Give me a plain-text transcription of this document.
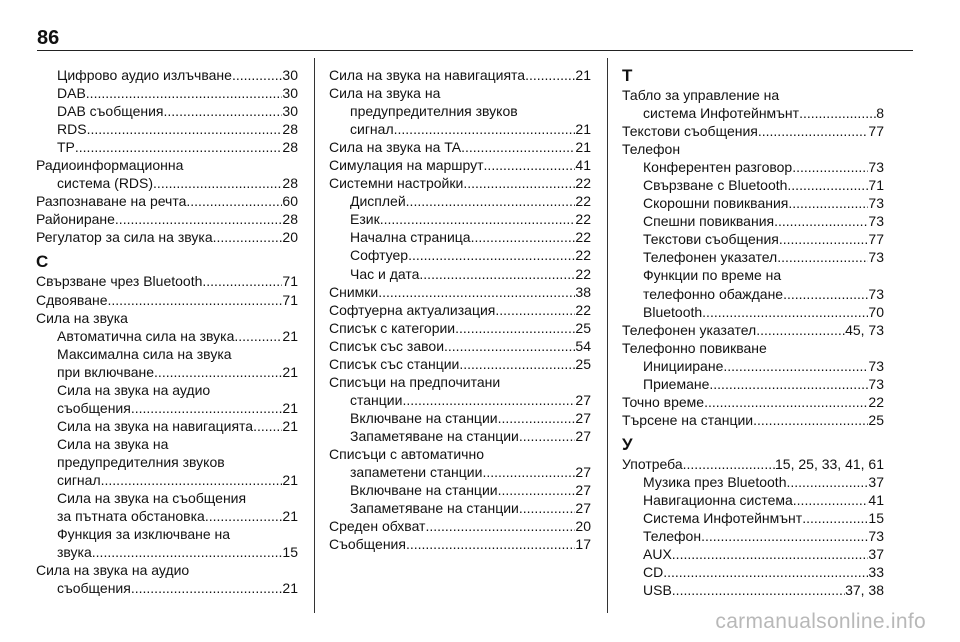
86
Цифрово аудио излъчване .....	30
DAB .....	30
DAB съобщения .....	30
RDS .....	28
TP .....	28
Радиоинформационна
система (RDS) .....	28
Разпознаване на речта .....	60
Райониране .....	28
Регулатор за сила на звука .....	20
С
Свързване чрез Bluetooth .....	71
Сдвояване .....	71
Сила на звука
Автоматична сила на звука .....	21
Максимална сила на звука
при включване .....	21
Сила на звука на аудио
съобщения .....	21
Сила на звука на навигацията ..... 21
Сила на звука на
предупредителния звуков
сигнал .....	21
Сила на звука на съобщения
за пътната обстановка .....	21
Функция за изключване на
звука .....	15
Сила на звука на аудио
съобщения .....	21
Сила на звука на навигацията .....	21
Сила на звука на
предупредителния звуков
сигнал .....	21
Сила на звука на TA .....	21
Симулация на маршрут .....	41
Системни настройки .....	22
Дисплей .....	22
Език .....	22
Начална страница .....	22
Софтуер .....	22
Час и дата .....	22
Снимки .....	38
Софтуерна актуализация .....	22
Списък с категории .....	25
Списък със завои .....	54
Списък със станции .....	25
Списъци на предпочитани
станции .....	27
Включване на станции .....	27
Запаметяване на станции .....	27
Списъци с автоматично
запаметени станции .....	27
Включване на станции .....	27
Запаметяване на станции .....	27
Среден обхват .....	20
Съобщения .....	17
Т
Табло за управление на
система Инфотейнмънт .....	8
Текстови съобщения .....	77
Телефон
Конферентен разговор .....	73
Свързване с Bluetooth .....	71
Скорошни повиквания .....	73
Спешни повиквания .....	73
Текстови съобщения .....	77
Телефонен указател .....	73
Функции по време на
телефонно обаждане .....	73
Bluetooth .....	70
Телефонен указател .....	45, 73
Телефонно повикване
Иницииране .....	73
Приемане .....	73
Точно време .....	22
Търсене на станции .....	25
У
Употреба .....	15, 25, 33, 41, 61
Музика през Bluetooth .....	37
Навигационна система .....	41
Система Инфотейнмънт .....	15
Телефон .....	73
AUX .....	37
CD .....	33
USB .....	37, 38
carmanualsonline.info
